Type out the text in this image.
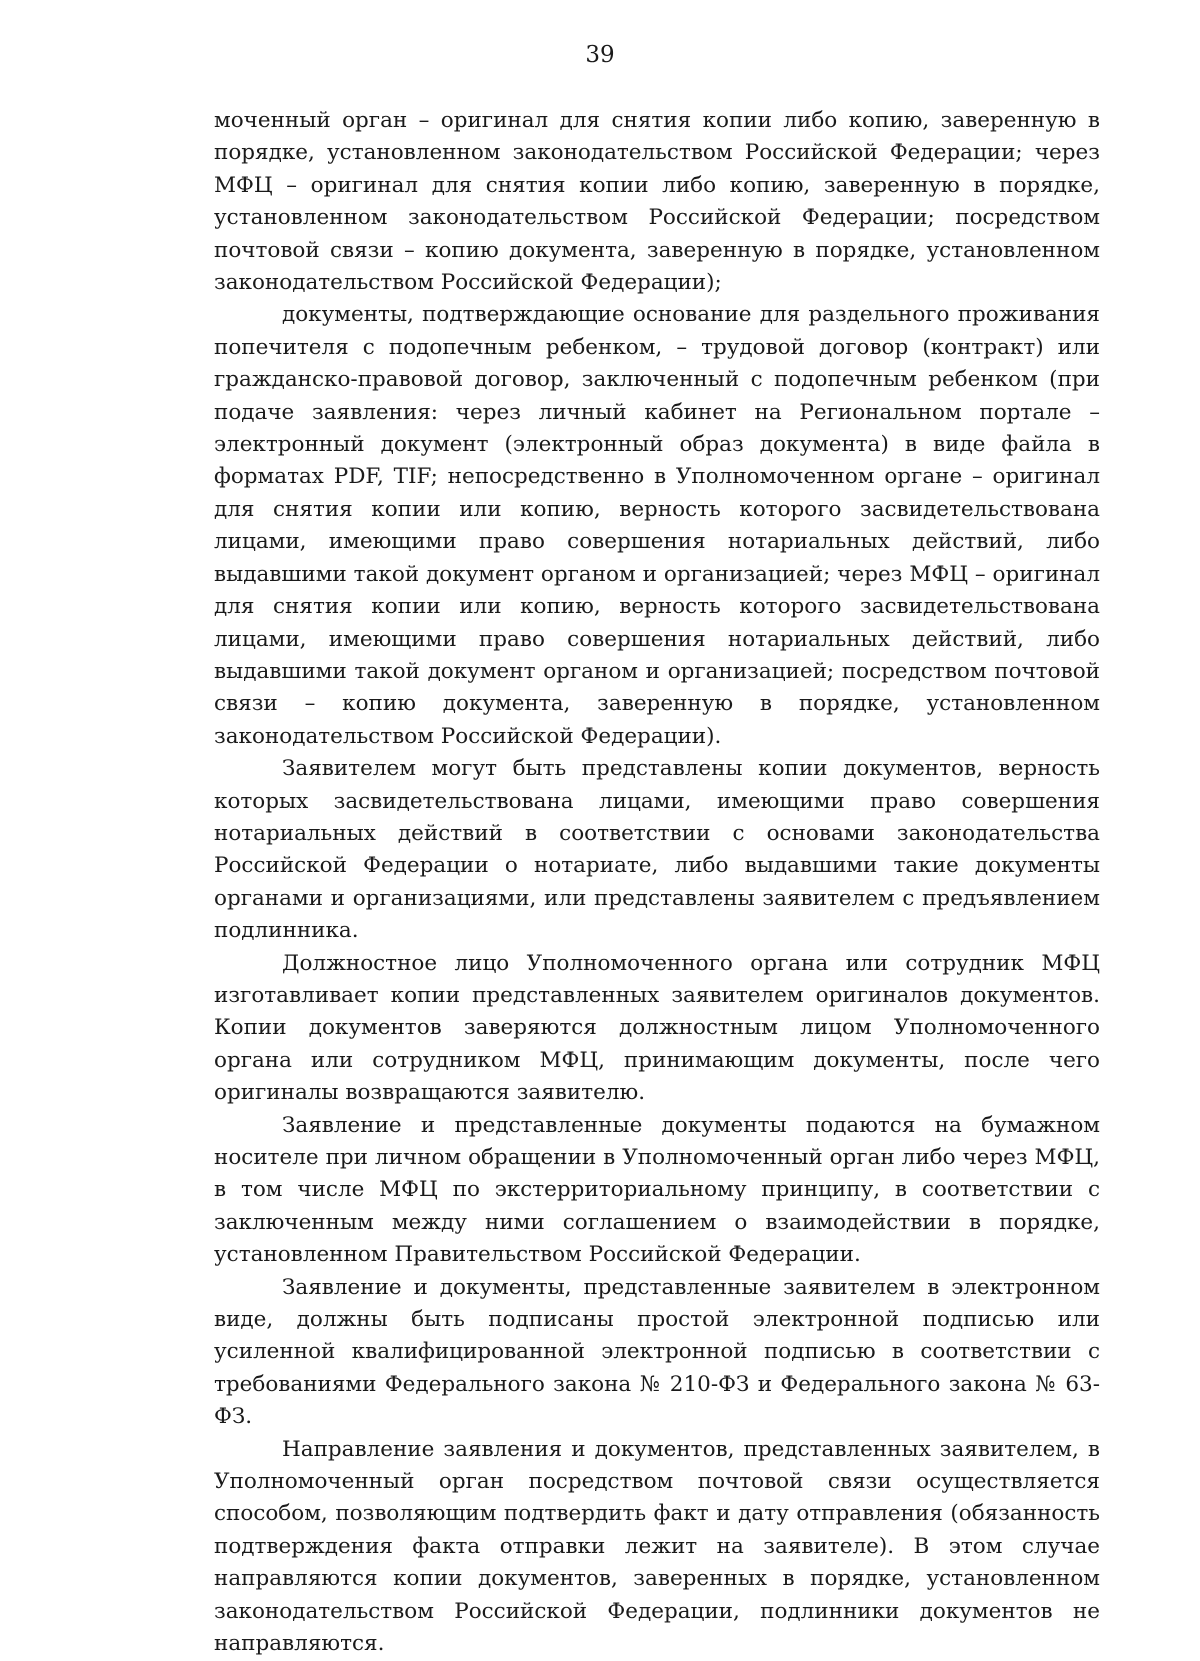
39

моченный орган – оригинал для снятия копии либо копию, заверенную в порядке, установленном законодательством Российской Федерации; через МФЦ – оригинал для снятия копии либо копию, заверенную в порядке, установленном законодательством Российской Федерации; посредством почтовой связи – копию документа, заверенную в порядке, установленном законодательством Российской Федерации);

документы, подтверждающие основание для раздельного проживания попечителя с подопечным ребенком, – трудовой договор (контракт) или гражданско-правовой договор, заключенный с подопечным ребенком (при подаче заявления: через личный кабинет на Региональном портале – электронный документ (электронный образ документа) в виде файла в форматах PDF, TIF; непосредственно в Уполномоченном органе – оригинал для снятия копии или копию, верность которого засвидетельствована лицами, имеющими право совершения нотариальных действий, либо выдавшими такой документ органом и организацией; через МФЦ – оригинал для снятия копии или копию, верность которого засвидетельствована лицами, имеющими право совершения нотариальных действий, либо выдавшими такой документ органом и организацией; посредством почтовой связи – копию документа, заверенную в порядке, установленном законодательством Российской Федерации).

Заявителем могут быть представлены копии документов, верность которых засвидетельствована лицами, имеющими право совершения нотариальных действий в соответствии с основами законодательства Российской Федерации о нотариате, либо выдавшими такие документы органами и организациями, или представлены заявителем с предъявлением подлинника.

Должностное лицо Уполномоченного органа или сотрудник МФЦ изготавливает копии представленных заявителем оригиналов документов. Копии документов заверяются должностным лицом Уполномоченного органа или сотрудником МФЦ, принимающим документы, после чего оригиналы возвращаются заявителю.

Заявление и представленные документы подаются на бумажном носителе при личном обращении в Уполномоченный орган либо через МФЦ, в том числе МФЦ по экстерриториальному принципу, в соответствии с заключенным между ними соглашением о взаимодействии в порядке, установленном Правительством Российской Федерации.

Заявление и документы, представленные заявителем в электронном виде, должны быть подписаны простой электронной подписью или усиленной квалифицированной электронной подписью в соответствии с требованиями Федерального закона № 210-ФЗ и Федерального закона № 63-ФЗ.

Направление заявления и документов, представленных заявителем, в Уполномоченный орган посредством почтовой связи осуществляется способом, позволяющим подтвердить факт и дату отправления (обязанность подтверждения факта отправки лежит на заявителе). В этом случае направляются копии документов, заверенных в порядке, установленном законодательством Российской Федерации, подлинники документов не направляются.
